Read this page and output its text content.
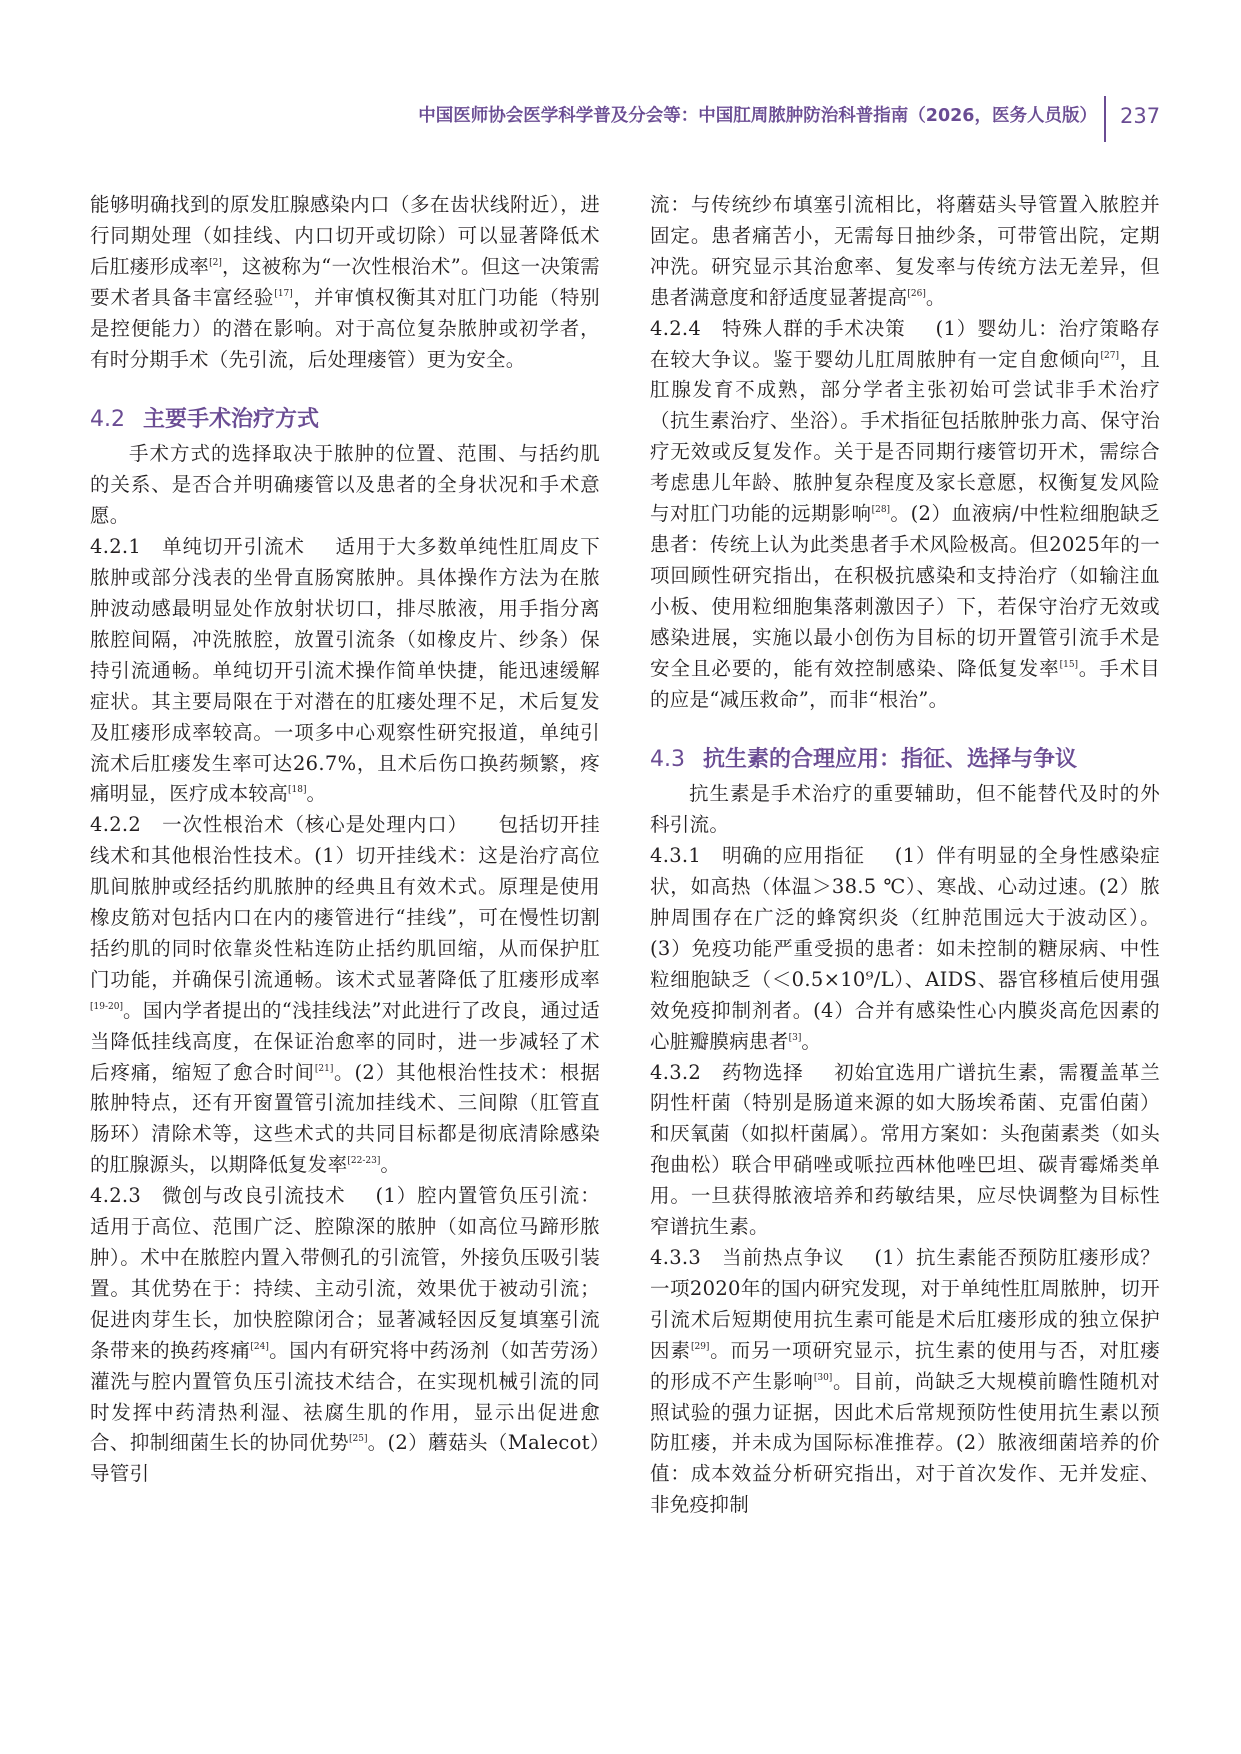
中国医师协会医学科学普及分会等：中国肛周脓肿防治科普指南（2026，医务人员版） 237

能够明确找到的原发肛腺感染内口（多在齿状线附近），进行同期处理（如挂线、内口切开或切除）可以显著降低术后肛瘘形成率[2]，这被称为“一次性根治术”。但这一决策需要术者具备丰富经验[17]，并审慎权衡其对肛门功能（特别是控便能力）的潜在影响。对于高位复杂脓肿或初学者，有时分期手术（先引流，后处理瘘管）更为安全。

4.2 主要手术治疗方式

手术方式的选择取决于脓肿的位置、范围、与括约肌的关系、是否合并明确瘘管以及患者的全身状况和手术意愿。

4.2.1　单纯切开引流术 适用于大多数单纯性肛周皮下脓肿或部分浅表的坐骨直肠窝脓肿。具体操作方法为在脓肿波动感最明显处作放射状切口，排尽脓液，用手指分离脓腔间隔，冲洗脓腔，放置引流条（如橡皮片、纱条）保持引流通畅。单纯切开引流术操作简单快捷，能迅速缓解症状。其主要局限在于对潜在的肛瘘处理不足，术后复发及肛瘘形成率较高。一项多中心观察性研究报道，单纯引流术后肛瘘发生率可达26.7%，且术后伤口换药频繁，疼痛明显，医疗成本较高[18]。

4.2.2　一次性根治术（核心是处理内口） 包括切开挂线术和其他根治性技术。(1）切开挂线术：这是治疗高位肌间脓肿或经括约肌脓肿的经典且有效术式。原理是使用橡皮筋对包括内口在内的瘘管进行“挂线”，可在慢性切割括约肌的同时依靠炎性粘连防止括约肌回缩，从而保护肛门功能，并确保引流通畅。该术式显著降低了肛瘘形成率[19-20]。国内学者提出的“浅挂线法”对此进行了改良，通过适当降低挂线高度，在保证治愈率的同时，进一步减轻了术后疼痛，缩短了愈合时间[21]。(2）其他根治性技术：根据脓肿特点，还有开窗置管引流加挂线术、三间隙（肛管直肠环）清除术等，这些术式的共同目标都是彻底清除感染的肛腺源头，以期降低复发率[22-23]。

4.2.3　微创与改良引流技术 (1）腔内置管负压引流：适用于高位、范围广泛、腔隙深的脓肿（如高位马蹄形脓肿）。术中在脓腔内置入带侧孔的引流管，外接负压吸引装置。其优势在于：持续、主动引流，效果优于被动引流；促进肉芽生长，加快腔隙闭合；显著减轻因反复填塞引流条带来的换药疼痛[24]。国内有研究将中药汤剂（如苦劳汤）灌洗与腔内置管负压引流技术结合，在实现机械引流的同时发挥中药清热利湿、祛腐生肌的作用，显示出促进愈合、抑制细菌生长的协同优势[25]。(2）蘑菇头（Malecot）导管引

流：与传统纱布填塞引流相比，将蘑菇头导管置入脓腔并固定。患者痛苦小，无需每日抽纱条，可带管出院，定期冲洗。研究显示其治愈率、复发率与传统方法无差异，但患者满意度和舒适度显著提高[26]。

4.2.4　特殊人群的手术决策 (1）婴幼儿：治疗策略存在较大争议。鉴于婴幼儿肛周脓肿有一定自愈倾向[27]，且肛腺发育不成熟，部分学者主张初始可尝试非手术治疗（抗生素治疗、坐浴）。手术指征包括脓肿张力高、保守治疗无效或反复发作。关于是否同期行瘘管切开术，需综合考虑患儿年龄、脓肿复杂程度及家长意愿，权衡复发风险与对肛门功能的远期影响[28]。(2）血液病/中性粒细胞缺乏患者：传统上认为此类患者手术风险极高。但2025年的一项回顾性研究指出，在积极抗感染和支持治疗（如输注血小板、使用粒细胞集落刺激因子）下，若保守治疗无效或感染进展，实施以最小创伤为目标的切开置管引流手术是安全且必要的，能有效控制感染、降低复发率[15]。手术目的应是“减压救命”，而非“根治”。

4.3 抗生素的合理应用：指征、选择与争议

抗生素是手术治疗的重要辅助，但不能替代及时的外科引流。

4.3.1　明确的应用指征 (1）伴有明显的全身性感染症状，如高热（体温＞38.5 ℃）、寒战、心动过速。(2）脓肿周围存在广泛的蜂窝织炎（红肿范围远大于波动区）。(3）免疫功能严重受损的患者：如未控制的糖尿病、中性粒细胞缺乏（＜0.5×10⁹/L）、AIDS、器官移植后使用强效免疫抑制剂者。(4）合并有感染性心内膜炎高危因素的心脏瓣膜病患者[3]。

4.3.2　药物选择 初始宜选用广谱抗生素，需覆盖革兰阴性杆菌（特别是肠道来源的如大肠埃希菌、克雷伯菌）和厌氧菌（如拟杆菌属）。常用方案如：头孢菌素类（如头孢曲松）联合甲硝唑或哌拉西林他唑巴坦、碳青霉烯类单用。一旦获得脓液培养和药敏结果，应尽快调整为目标性窄谱抗生素。

4.3.3　当前热点争议 (1）抗生素能否预防肛瘘形成？一项2020年的国内研究发现，对于单纯性肛周脓肿，切开引流术后短期使用抗生素可能是术后肛瘘形成的独立保护因素[29]。而另一项研究显示，抗生素的使用与否，对肛瘘的形成不产生影响[30]。目前，尚缺乏大规模前瞻性随机对照试验的强力证据，因此术后常规预防性使用抗生素以预防肛瘘，并未成为国际标准推荐。(2）脓液细菌培养的价值：成本效益分析研究指出，对于首次发作、无并发症、非免疫抑制
